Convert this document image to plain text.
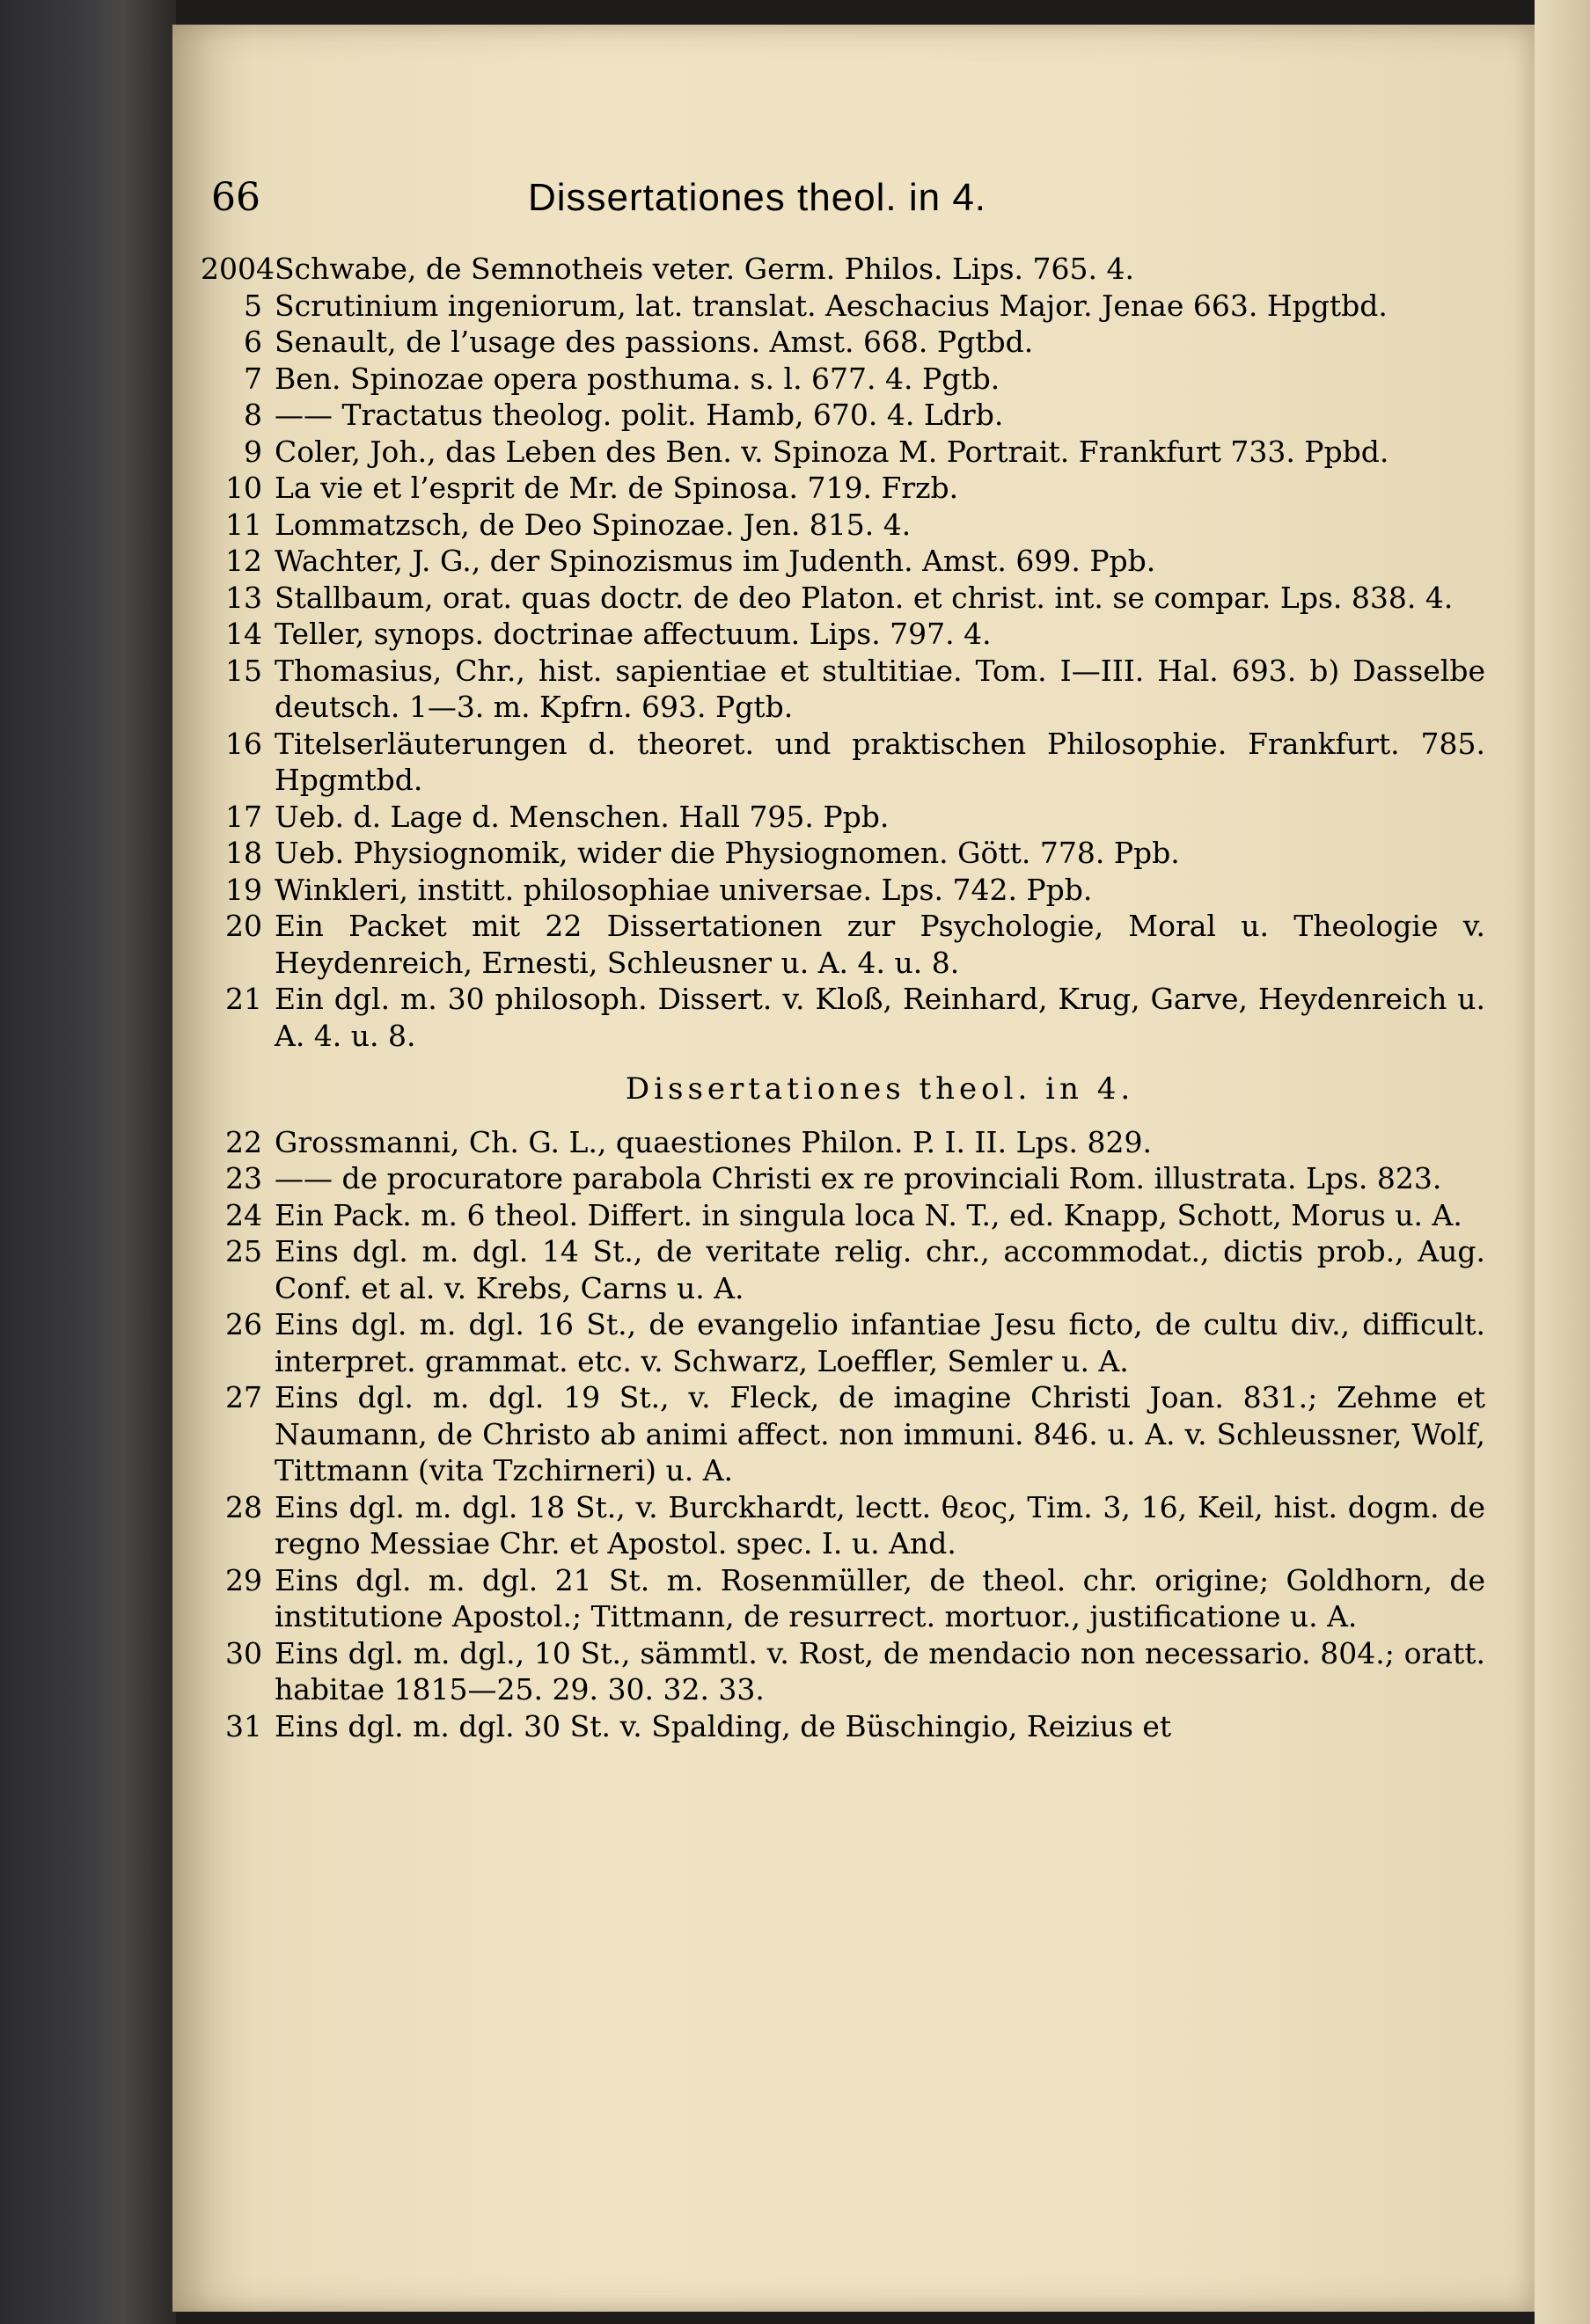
66	Dissertationes theol. in 4.
2004 Schwabe, de Semnotheis veter. Germ. Philos. Lips. 765. 4.
5 Scrutinium ingeniorum, lat. translat. Aeschacius Major. Jenae 663. Hpgtbd.
6 Senault, de l’usage des passions. Amst. 668. Pgtbd.
7 Ben. Spinozae opera posthuma. s. l. 677. 4. Pgtb.
8 —— Tractatus theolog. polit. Hamb, 670. 4. Ldrb.
9 Coler, Joh., das Leben des Ben. v. Spinoza M. Portrait. Frankfurt 733. Ppbd.
10 La vie et l’esprit de Mr. de Spinosa. 719. Frzb.
11 Lommatzsch, de Deo Spinozae. Jen. 815. 4.
12 Wachter, J. G., der Spinozismus im Judenth. Amst. 699. Ppb.
13 Stallbaum, orat. quas doctr. de deo Platon. et christ. int. se compar. Lps. 838. 4.
14 Teller, synops. doctrinae affectuum. Lips. 797. 4.
15 Thomasius, Chr., hist. sapientiae et stultitiae. Tom. I—III. Hal. 693. b) Dasselbe deutsch. 1—3. m. Kpfrn. 693. Pgtb.
16 Titelserläuterungen d. theoret. und praktischen Philosophie. Frankfurt. 785. Hpgmtbd.
17 Ueb. d. Lage d. Menschen. Hall 795. Ppb.
18 Ueb. Physiognomik, wider die Physiognomen. Gött. 778. Ppb.
19 Winkleri, institt. philosophiae universae. Lps. 742. Ppb.
20 Ein Packet mit 22 Dissertationen zur Psychologie, Moral u. Theologie v. Heydenreich, Ernesti, Schleusner u. A. 4. u. 8.
21 Ein dgl. m. 30 philosoph. Dissert. v. Kloß, Reinhard, Krug, Garve, Heydenreich u. A. 4. u. 8.
Dissertationes theol. in 4.
22 Grossmanni, Ch. G. L., quaestiones Philon. P. I. II. Lps. 829.
23 —— de procuratore parabola Christi ex re provinciali Rom. illustrata. Lps. 823.
24 Ein Pack. m. 6 theol. Differt. in singula loca N. T., ed. Knapp, Schott, Morus u. A.
25 Eins dgl. m. dgl. 14 St., de veritate relig. chr., accommodat., dictis prob., Aug. Conf. et al. v. Krebs, Carns u. A.
26 Eins dgl. m. dgl. 16 St., de evangelio infantiae Jesu ficto, de cultu div., difficult. interpret. grammat. etc. v. Schwarz, Loeffler, Semler u. A.
27 Eins dgl. m. dgl. 19 St., v. Fleck, de imagine Christi Joan. 831.; Zehme et Naumann, de Christo ab animi affect. non immuni. 846. u. A. v. Schleussner, Wolf, Tittmann (vita Tzchirneri) u. A.
28 Eins dgl. m. dgl. 18 St., v. Burckhardt, lectt. θεος, Tim. 3, 16, Keil, hist. dogm. de regno Messiae Chr. et Apostol. spec. I. u. And.
29 Eins dgl. m. dgl. 21 St. m. Rosenmüller, de theol. chr. origine; Goldhorn, de institutione Apostol.; Tittmann, de resurrect. mortuor., justificatione u. A.
30 Eins dgl. m. dgl., 10 St., sämmtl. v. Rost, de mendacio non necessario. 804.; oratt. habitae 1815—25. 29. 30. 32. 33.
31 Eins dgl. m. dgl. 30 St. v. Spalding, de Büschingio, Reizius et
